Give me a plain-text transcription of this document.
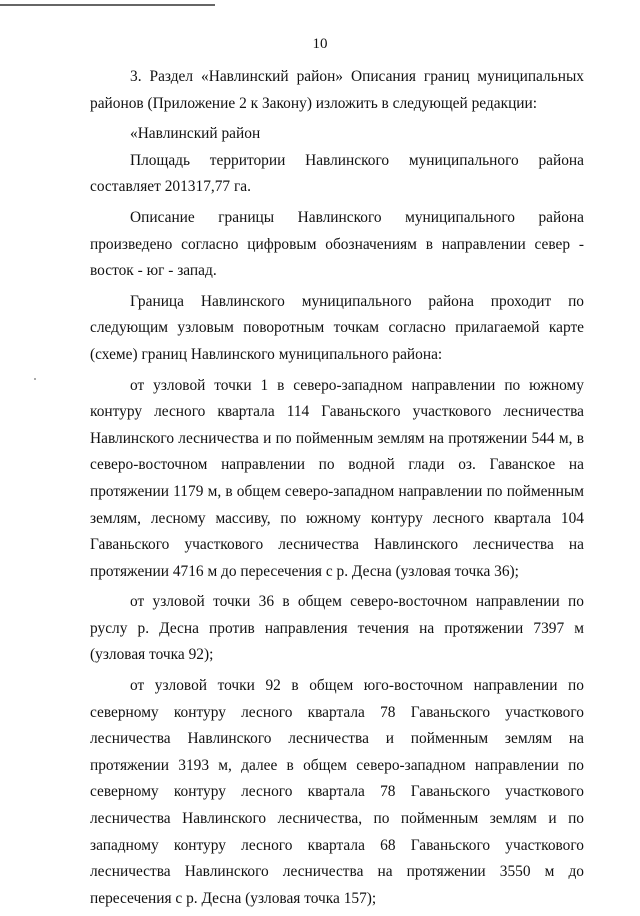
10

3. Раздел «Навлинский район» Описания границ муниципальных районов (Приложение 2 к Закону) изложить в следующей редакции:

«Навлинский район

Площадь территории Навлинского муниципального района составляет 201317,77 га.

Описание границы Навлинского муниципального района произведено согласно цифровым обозначениям в направлении север - восток - юг - запад.

Граница Навлинского муниципального района проходит по следующим узловым поворотным точкам согласно прилагаемой карте (схеме) границ Навлинского муниципального района:

от узловой точки 1 в северо-западном направлении по южному контуру лесного квартала 114 Гаваньского участкового лесничества Навлинского лесничества и по пойменным землям на протяжении 544 м, в северо-восточном направлении по водной глади оз. Гаванское на протяжении 1179 м, в общем северо-западном направлении по пойменным землям, лесному массиву, по южному контуру лесного квартала 104 Гаваньского участкового лесничества Навлинского лесничества на протяжении 4716 м до пересечения с р. Десна (узловая точка 36);

от узловой точки 36 в общем северо-восточном направлении по руслу р. Десна против направления течения на протяжении 7397 м (узловая точка 92);

от узловой точки 92 в общем юго-восточном направлении по северному контуру лесного квартала 78 Гаваньского участкового лесничества Навлинского лесничества и пойменным землям на протяжении 3193 м, далее в общем северо-западном направлении по северному контуру лесного квартала 78 Гаваньского участкового лесничества Навлинского лесничества, по пойменным землям и по западному контуру лесного квартала 68 Гаваньского участкового лесничества Навлинского лесничества на протяжении 3550 м до пересечения с р. Десна (узловая точка 157);
